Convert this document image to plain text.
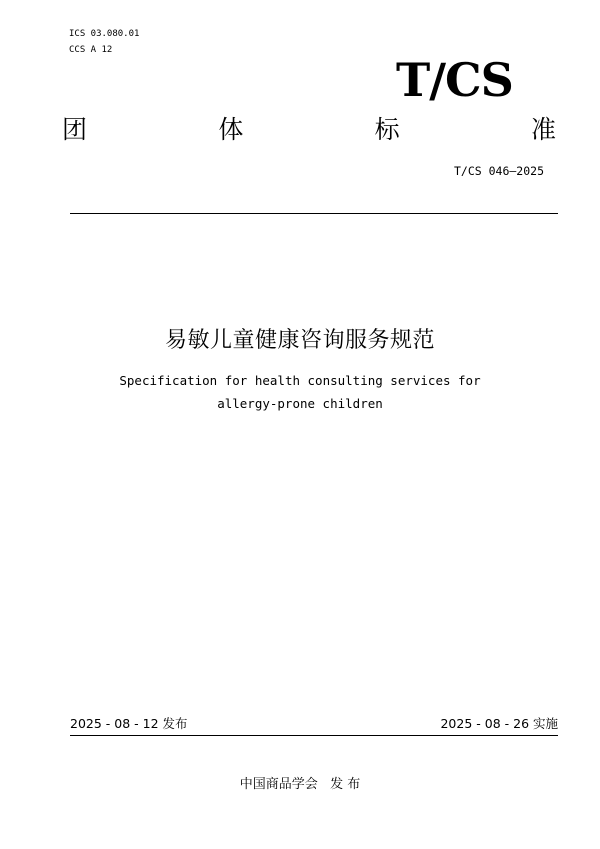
ICS 03.080.01
CCS A 12
T/CS
团	体	标	准
T/CS 046—2025
易敏儿童健康咨询服务规范
Specification for health consulting services for
allergy-prone children
2025 - 08 - 12 发布	2025 - 08 - 26 实施
中国商品学会   发 布
